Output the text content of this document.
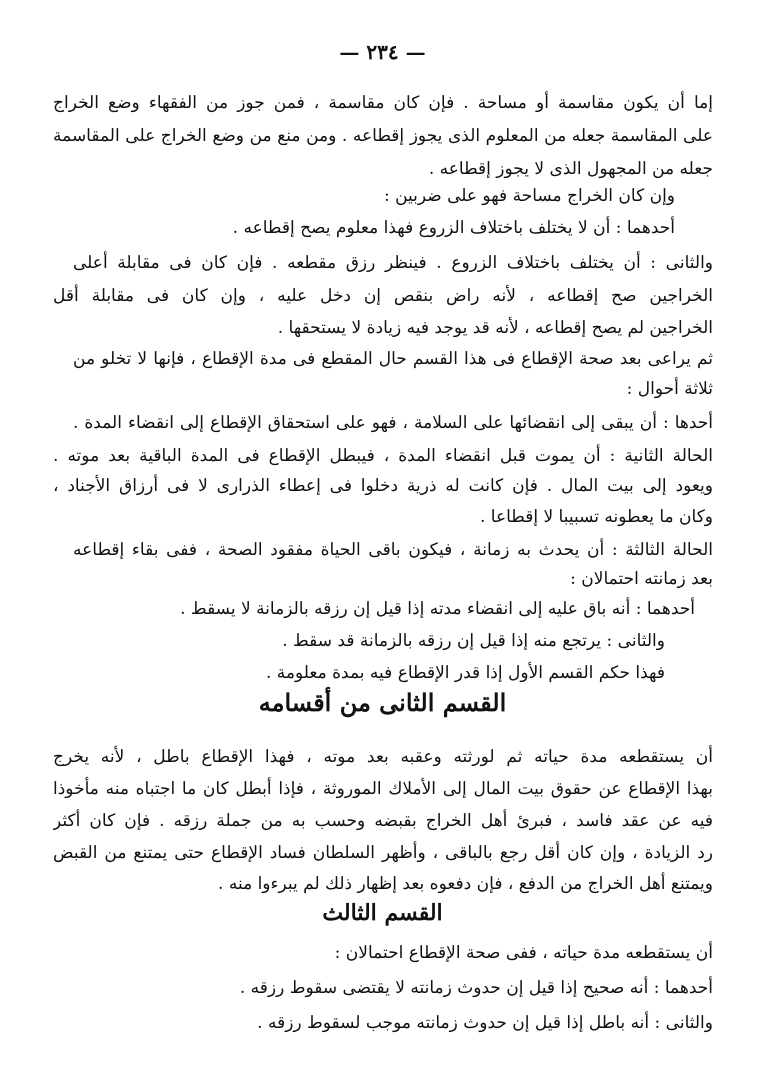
— ٢٣٤ —
إما أن يكون مقاسمة أو مساحة . فإن كان مقاسمة ، فمن جوز من الفقهاء وضع الخراج
على المقاسمة جعله من المعلوم الذى يجوز إقطاعه . ومن منع من وضع الخراج على المقاسمة
جعله من المجهول الذى لا يجوز إقطاعه .
وإن كان الخراج مساحة فهو على ضربين :
أحدهما : أن لا يختلف باختلاف الزروع فهذا معلوم يصح إقطاعه .
والثانى : أن يختلف باختلاف الزروع . فينظر رزق مقطعه . فإن كان فى مقابلة أعلى
الخراجين صح إقطاعه ، لأنه راض بنقص إن دخل عليه ، وإن كان فى مقابلة أقل
الخراجين لم يصح إقطاعه ، لأنه قد يوجد فيه زيادة لا يستحقها .
ثم يراعى بعد صحة الإقطاع فى هذا القسم حال المقطع فى مدة الإقطاع ، فإنها لا تخلو من
ثلاثة أحوال :
أحدها : أن يبقى إلى انقضائها على السلامة ، فهو على استحقاق الإقطاع إلى انقضاء المدة .
الحالة الثانية : أن يموت قبل انقضاء المدة ، فيبطل الإقطاع فى المدة الباقية بعد موته .
ويعود إلى بيت المال . فإن كانت له ذرية دخلوا فى إعطاء الذرارى لا فى أرزاق الأجناد ،
وكان ما يعطونه تسبيبا لا إقطاعا .
الحالة الثالثة : أن يحدث به زمانة ، فيكون باقى الحياة مفقود الصحة ، ففى بقاء إقطاعه
بعد زمانته احتمالان :
أحدهما : أنه باق عليه إلى انقضاء مدته إذا قيل إن رزقه بالزمانة لا يسقط .
والثانى : يرتجع منه إذا قيل إن رزقه بالزمانة قد سقط .
فهذا حكم القسم الأول إذا قدر الإقطاع فيه بمدة معلومة .
القسم الثانى من أقسامه
أن يستقطعه مدة حياته ثم لورثته وعقبه بعد موته ، فهذا الإقطاع باطل ، لأنه يخرج
بهذا الإقطاع عن حقوق بيت المال إلى الأملاك الموروثة ، فإذا أبطل كان ما اجتباه منه مأخوذا
فيه عن عقد فاسد ، فبرئ أهل الخراج بقبضه وحسب به من جملة رزقه . فإن كان أكثر
رد الزيادة ، وإن كان أقل رجع بالباقى ، وأظهر السلطان فساد الإقطاع حتى يمتنع من القبض
ويمتنع أهل الخراج من الدفع ، فإن دفعوه بعد إظهار ذلك لم يبرءوا منه .
القسم الثالث
أن يستقطعه مدة حياته ، ففى صحة الإقطاع احتمالان :
أحدهما : أنه صحيح إذا قيل إن حدوث زمانته لا يقتضى سقوط رزقه .
والثانى : أنه باطل إذا قيل إن حدوث زمانته موجب لسقوط رزقه .
